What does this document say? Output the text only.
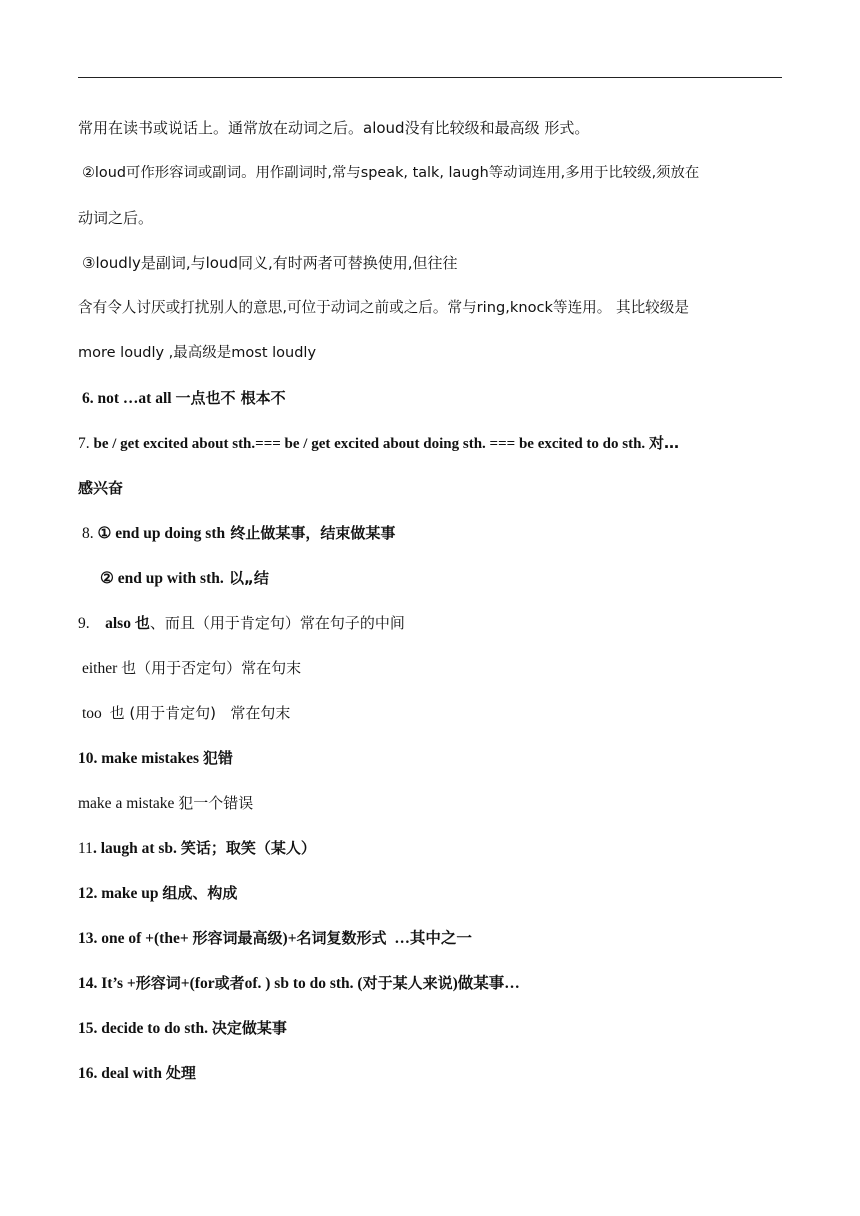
常用在读书或说话上。通常放在动词之后。aloud没有比较级和最高级 形式。
②loud可作形容词或副词。用作副词时,常与speak, talk, laugh等动词连用,多用于比较级,须放在
动词之后。
③loudly是副词,与loud同义,有时两者可替换使用,但往往
含有令人讨厌或打扰别人的意思,可位于动词之前或之后。常与ring,knock等连用。 其比较级是
more loudly ,最高级是most loudly
6. not …at all 一点也不 根本不
7. be / get excited about sth.=== be / get excited about doing sth. === be excited to do sth. 对…
感兴奋
8. ① end up doing sth 终止做某事，结束做某事
② end up with sth. 以„结
9.    also 也、而且（用于肯定句）常在句子的中间
either 也（用于否定句）常在句末
too  也 (用于肯定句)   常在句末
10. make mistakes 犯错
make a mistake 犯一个错误
11. laugh at sb. 笑话；取笑（某人）
12. make up 组成、构成
13. one of +(the+ 形容词最高级)+名词复数形式  …其中之一
14. It’s +形容词+(for或者of. ) sb to do sth. (对于某人来说)做某事…
15. decide to do sth. 决定做某事
16. deal with 处理
